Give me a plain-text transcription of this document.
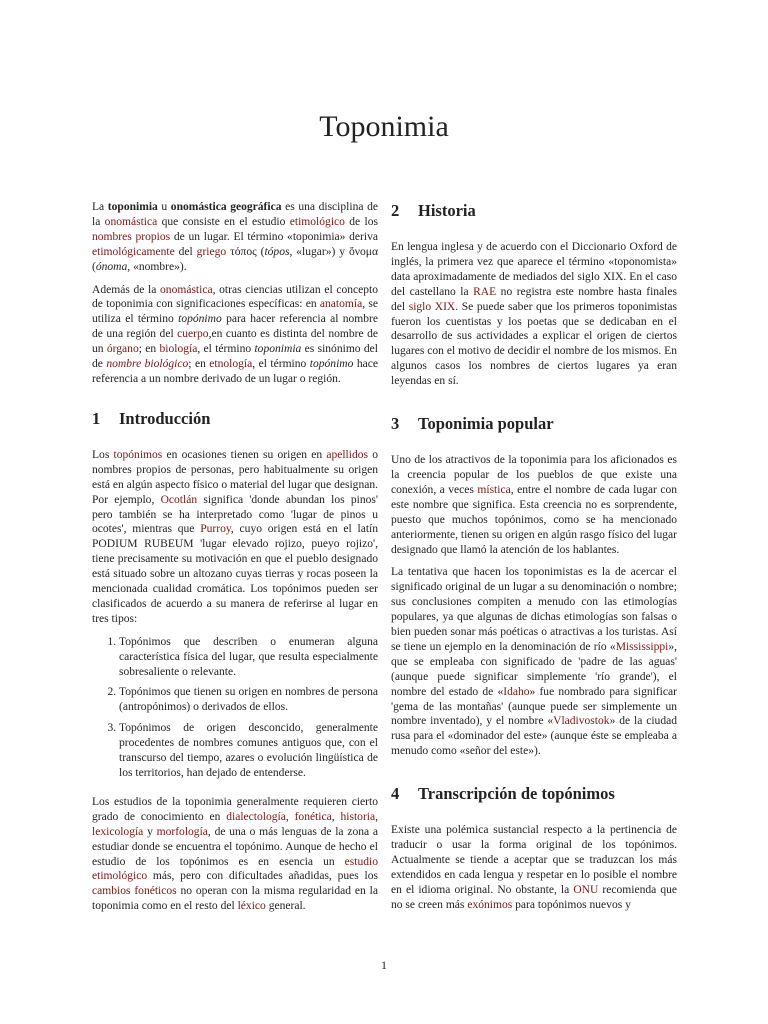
Toponimia

La toponimia u onomástica geográfica es una disciplina de la onomástica que consiste en el estudio etimológico de los nombres propios de un lugar. El término «toponimia» deriva etimológicamente del griego τόπος (tópos, «lugar») y ὄνομα (ónoma, «nombre»).

Además de la onomástica, otras ciencias utilizan el concepto de toponimia con significaciones específicas: en anatomía, se utiliza el término topónimo para hacer referencia al nombre de una región del cuerpo,en cuanto es distinta del nombre de un órgano; en biología, el término toponimia es sinónimo del de nombre biológico; en etnología, el término topónimo hace referencia a un nombre derivado de un lugar o región.

1 Introducción

Los topónimos en ocasiones tienen su origen en apellidos o nombres propios de personas, pero habitualmente su origen está en algún aspecto físico o material del lugar que designan. Por ejemplo, Ocotlán significa 'donde abundan los pinos' pero también se ha interpretado como 'lugar de pinos u ocotes', mientras que Purroy, cuyo origen está en el latín PODIUM RUBEUM 'lugar elevado rojizo, pueyo rojizo', tiene precisamente su motivación en que el pueblo designado está situado sobre un altozano cuyas tierras y rocas poseen la mencionada cualidad cromática. Los topónimos pueden ser clasificados de acuerdo a su manera de referirse al lugar en tres tipos:

1. Topónimos que describen o enumeran alguna característica física del lugar, que resulta especialmente sobresaliente o relevante.
2. Topónimos que tienen su origen en nombres de persona (antropónimos) o derivados de ellos.
3. Topónimos de origen desconcido, generalmente procedentes de nombres comunes antiguos que, con el transcurso del tiempo, azares o evolución lingüística de los territorios, han dejado de entenderse.

Los estudios de la toponimia generalmente requieren cierto grado de conocimiento en dialectología, fonética, historia, lexicología y morfología, de una o más lenguas de la zona a estudiar donde se encuentra el topónimo. Aunque de hecho el estudio de los topónimos es en esencia un estudio etimológico más, pero con dificultades añadidas, pues los cambios fonéticos no operan con la misma regularidad en la toponimia como en el resto del léxico general.

2 Historia

En lengua inglesa y de acuerdo con el Diccionario Oxford de inglés, la primera vez que aparece el término «toponomista» data aproximadamente de mediados del siglo XIX. En el caso del castellano la RAE no registra este nombre hasta finales del siglo XIX. Se puede saber que los primeros toponimistas fueron los cuentistas y los poetas que se dedicaban en el desarrollo de sus actividades a explicar el origen de ciertos lugares con el motivo de decidir el nombre de los mismos. En algunos casos los nombres de ciertos lugares ya eran leyendas en sí.

3 Toponimia popular

Uno de los atractivos de la toponimia para los aficionados es la creencia popular de los pueblos de que existe una conexión, a veces mística, entre el nombre de cada lugar con este nombre que significa. Esta creencia no es sorprendente, puesto que muchos topónimos, como se ha mencionado anteriormente, tienen su origen en algún rasgo físico del lugar designado que llamó la atención de los hablantes.

La tentativa que hacen los toponimistas es la de acercar el significado original de un lugar a su denominación o nombre; sus conclusiones compiten a menudo con las etimologías populares, ya que algunas de dichas etimologías son falsas o bien pueden sonar más poéticas o atractivas a los turistas. Así se tiene un ejemplo en la denominación de río «Mississippi», que se empleaba con significado de 'padre de las aguas' (aunque puede significar simplemente 'río grande'), el nombre del estado de «Idaho» fue nombrado para significar 'gema de las montañas' (aunque puede ser simplemente un nombre inventado), y el nombre «Vladivostok» de la ciudad rusa para el «dominador del este» (aunque éste se empleaba a menudo como «señor del este»).

4 Transcripción de topónimos

Existe una polémica sustancial respecto a la pertinencia de traducir o usar la forma original de los topónimos. Actualmente se tiende a aceptar que se traduzcan los más extendidos en cada lengua y respetar en lo posible el nombre en el idioma original. No obstante, la ONU recomienda que no se creen más exónimos para topónimos nuevos y

1
